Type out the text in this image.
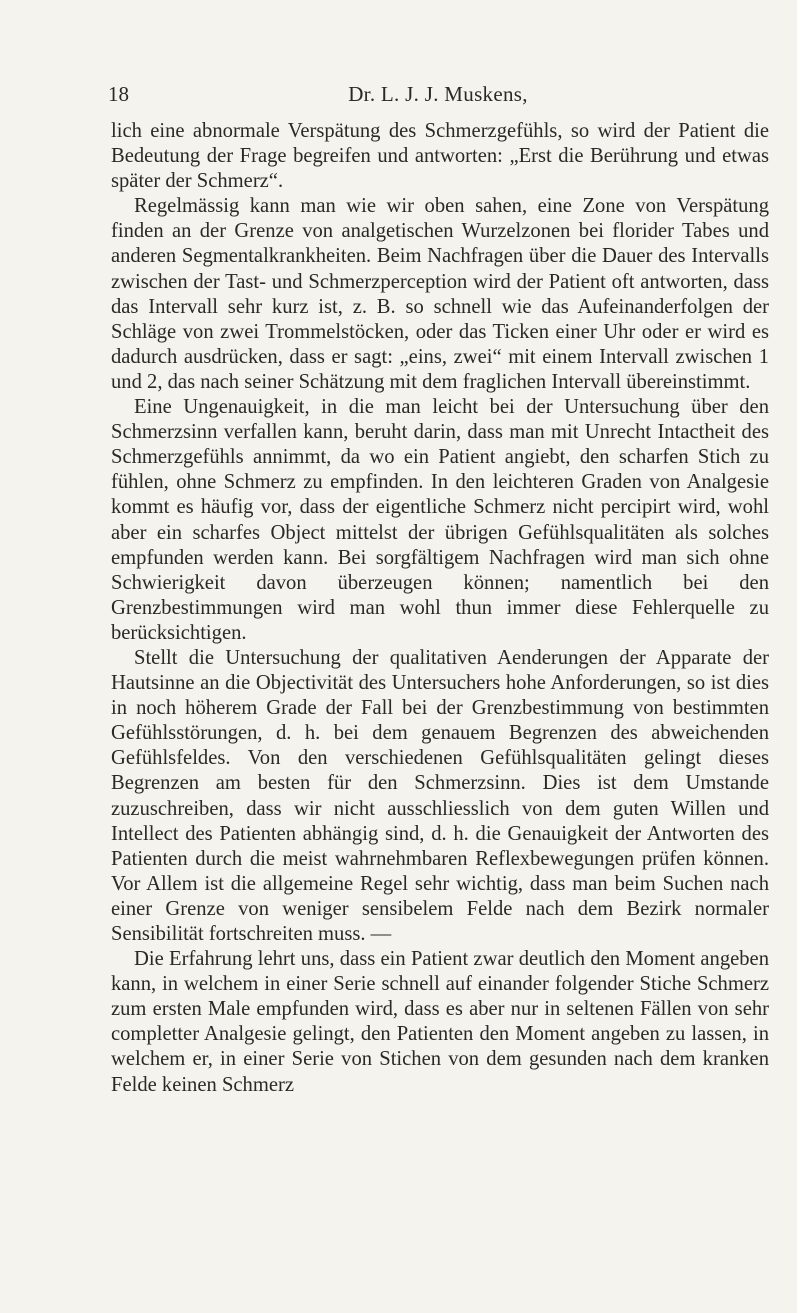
18	Dr. L. J. J. Muskens,

lich eine abnormale Verspätung des Schmerzgefühls, so wird der Patient die Bedeutung der Frage begreifen und antworten: „Erst die Berührung und etwas später der Schmerz“.

Regelmässig kann man wie wir oben sahen, eine Zone von Verspätung finden an der Grenze von analgetischen Wurzelzonen bei florider Tabes und anderen Segmentalkrankheiten. Beim Nachfragen über die Dauer des Intervalls zwischen der Tast- und Schmerzperception wird der Patient oft antworten, dass das Intervall sehr kurz ist, z. B. so schnell wie das Aufeinanderfolgen der Schläge von zwei Trommelstöcken, oder das Ticken einer Uhr oder er wird es dadurch ausdrücken, dass er sagt: „eins, zwei“ mit einem Intervall zwischen 1 und 2, das nach seiner Schätzung mit dem fraglichen Intervall übereinstimmt.

Eine Ungenauigkeit, in die man leicht bei der Untersuchung über den Schmerzsinn verfallen kann, beruht darin, dass man mit Unrecht Intactheit des Schmerzgefühls annimmt, da wo ein Patient angiebt, den scharfen Stich zu fühlen, ohne Schmerz zu empfinden. In den leichteren Graden von Analgesie kommt es häufig vor, dass der eigentliche Schmerz nicht percipirt wird, wohl aber ein scharfes Object mittelst der übrigen Gefühlsqualitäten als solches empfunden werden kann. Bei sorgfältigem Nachfragen wird man sich ohne Schwierigkeit davon überzeugen können; namentlich bei den Grenzbestimmungen wird man wohl thun immer diese Fehlerquelle zu berücksichtigen.

Stellt die Untersuchung der qualitativen Aenderungen der Apparate der Hautsinne an die Objectivität des Untersuchers hohe Anforderungen, so ist dies in noch höherem Grade der Fall bei der Grenzbestimmung von bestimmten Gefühlsstörungen, d. h. bei dem genauem Begrenzen des abweichenden Gefühlsfeldes. Von den verschiedenen Gefühlsqualitäten gelingt dieses Begrenzen am besten für den Schmerzsinn. Dies ist dem Umstande zuzuschreiben, dass wir nicht ausschliesslich von dem guten Willen und Intellect des Patienten abhängig sind, d. h. die Genauigkeit der Antworten des Patienten durch die meist wahrnehmbaren Reflexbewegungen prüfen können. Vor Allem ist die allgemeine Regel sehr wichtig, dass man beim Suchen nach einer Grenze von weniger sensibelem Felde nach dem Bezirk normaler Sensibilität fortschreiten muss. —

Die Erfahrung lehrt uns, dass ein Patient zwar deutlich den Moment angeben kann, in welchem in einer Serie schnell auf einander folgender Stiche Schmerz zum ersten Male empfunden wird, dass es aber nur in seltenen Fällen von sehr completter Analgesie gelingt, den Patienten den Moment angeben zu lassen, in welchem er, in einer Serie von Stichen von dem gesunden nach dem kranken Felde keinen Schmerz
